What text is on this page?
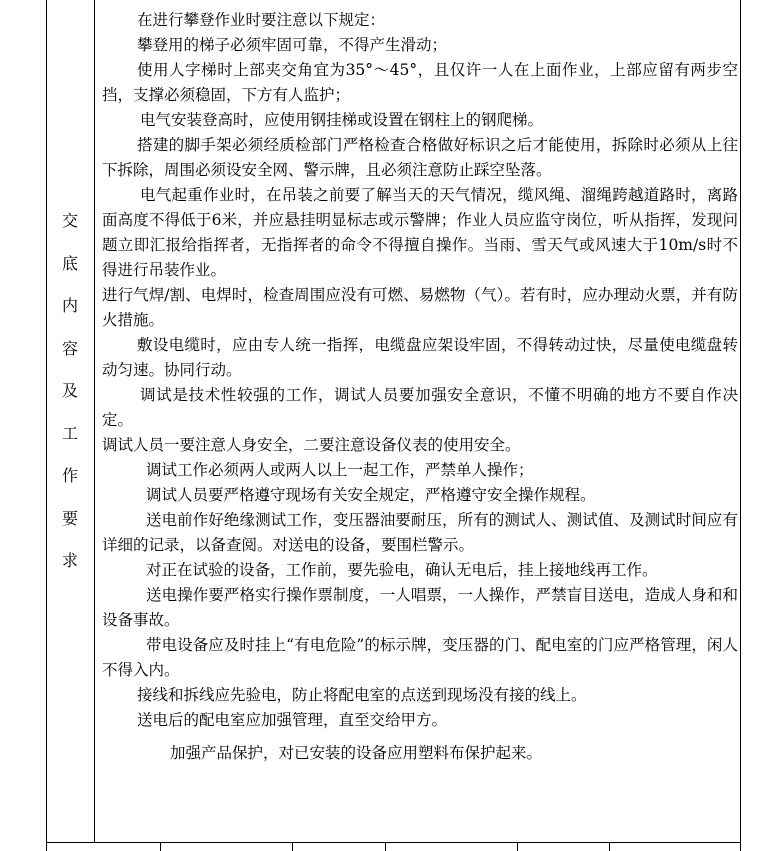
交
底
内
容
及
工
作
要
求

在进行攀登作业时要注意以下规定：

攀登用的梯子必须牢固可靠，不得产生滑动；

使用人字梯时上部夹交角宜为35°～45°，且仅许一人在上面作业，上部应留有两步空挡，支撑必须稳固，下方有人监护；

电气安装登高时，应使用钢挂梯或设置在钢柱上的钢爬梯。

搭建的脚手架必须经质检部门严格检查合格做好标识之后才能使用，拆除时必须从上往下拆除，周围必须设安全网、警示牌，且必须注意防止踩空坠落。

电气起重作业时，在吊装之前要了解当天的天气情况，缆风绳、溜绳跨越道路时，离路面高度不得低于6米，并应悬挂明显标志或示警牌；作业人员应监守岗位，听从指挥，发现问题立即汇报给指挥者，无指挥者的命令不得擅自操作。当雨、雪天气或风速大于10m/s时不得进行吊装作业。

进行气焊/割、电焊时，检查周围应没有可燃、易燃物（气）。若有时，应办理动火票，并有防火措施。

敷设电缆时，应由专人统一指挥，电缆盘应架设牢固，不得转动过快，尽量使电缆盘转动匀速。协同行动。

调试是技术性较强的工作，调试人员要加强安全意识，不懂不明确的地方不要自作决定。

调试人员一要注意人身安全，二要注意设备仪表的使用安全。

调试工作必须两人或两人以上一起工作，严禁单人操作；

调试人员要严格遵守现场有关安全规定，严格遵守安全操作规程。

送电前作好绝缘测试工作，变压器油要耐压，所有的测试人、测试值、及测试时间应有详细的记录，以备查阅。对送电的设备，要围栏警示。

对正在试验的设备，工作前，要先验电，确认无电后，挂上接地线再工作。

送电操作要严格实行操作票制度，一人唱票，一人操作，严禁盲目送电，造成人身和和设备事故。

带电设备应及时挂上“有电危险”的标示牌，变压器的门、配电室的门应严格管理，闲人不得入内。

接线和拆线应先验电，防止将配电室的点送到现场没有接的线上。

送电后的配电室应加强管理，直至交给甲方。

加强产品保护，对已安装的设备应用塑料布保护起来。
